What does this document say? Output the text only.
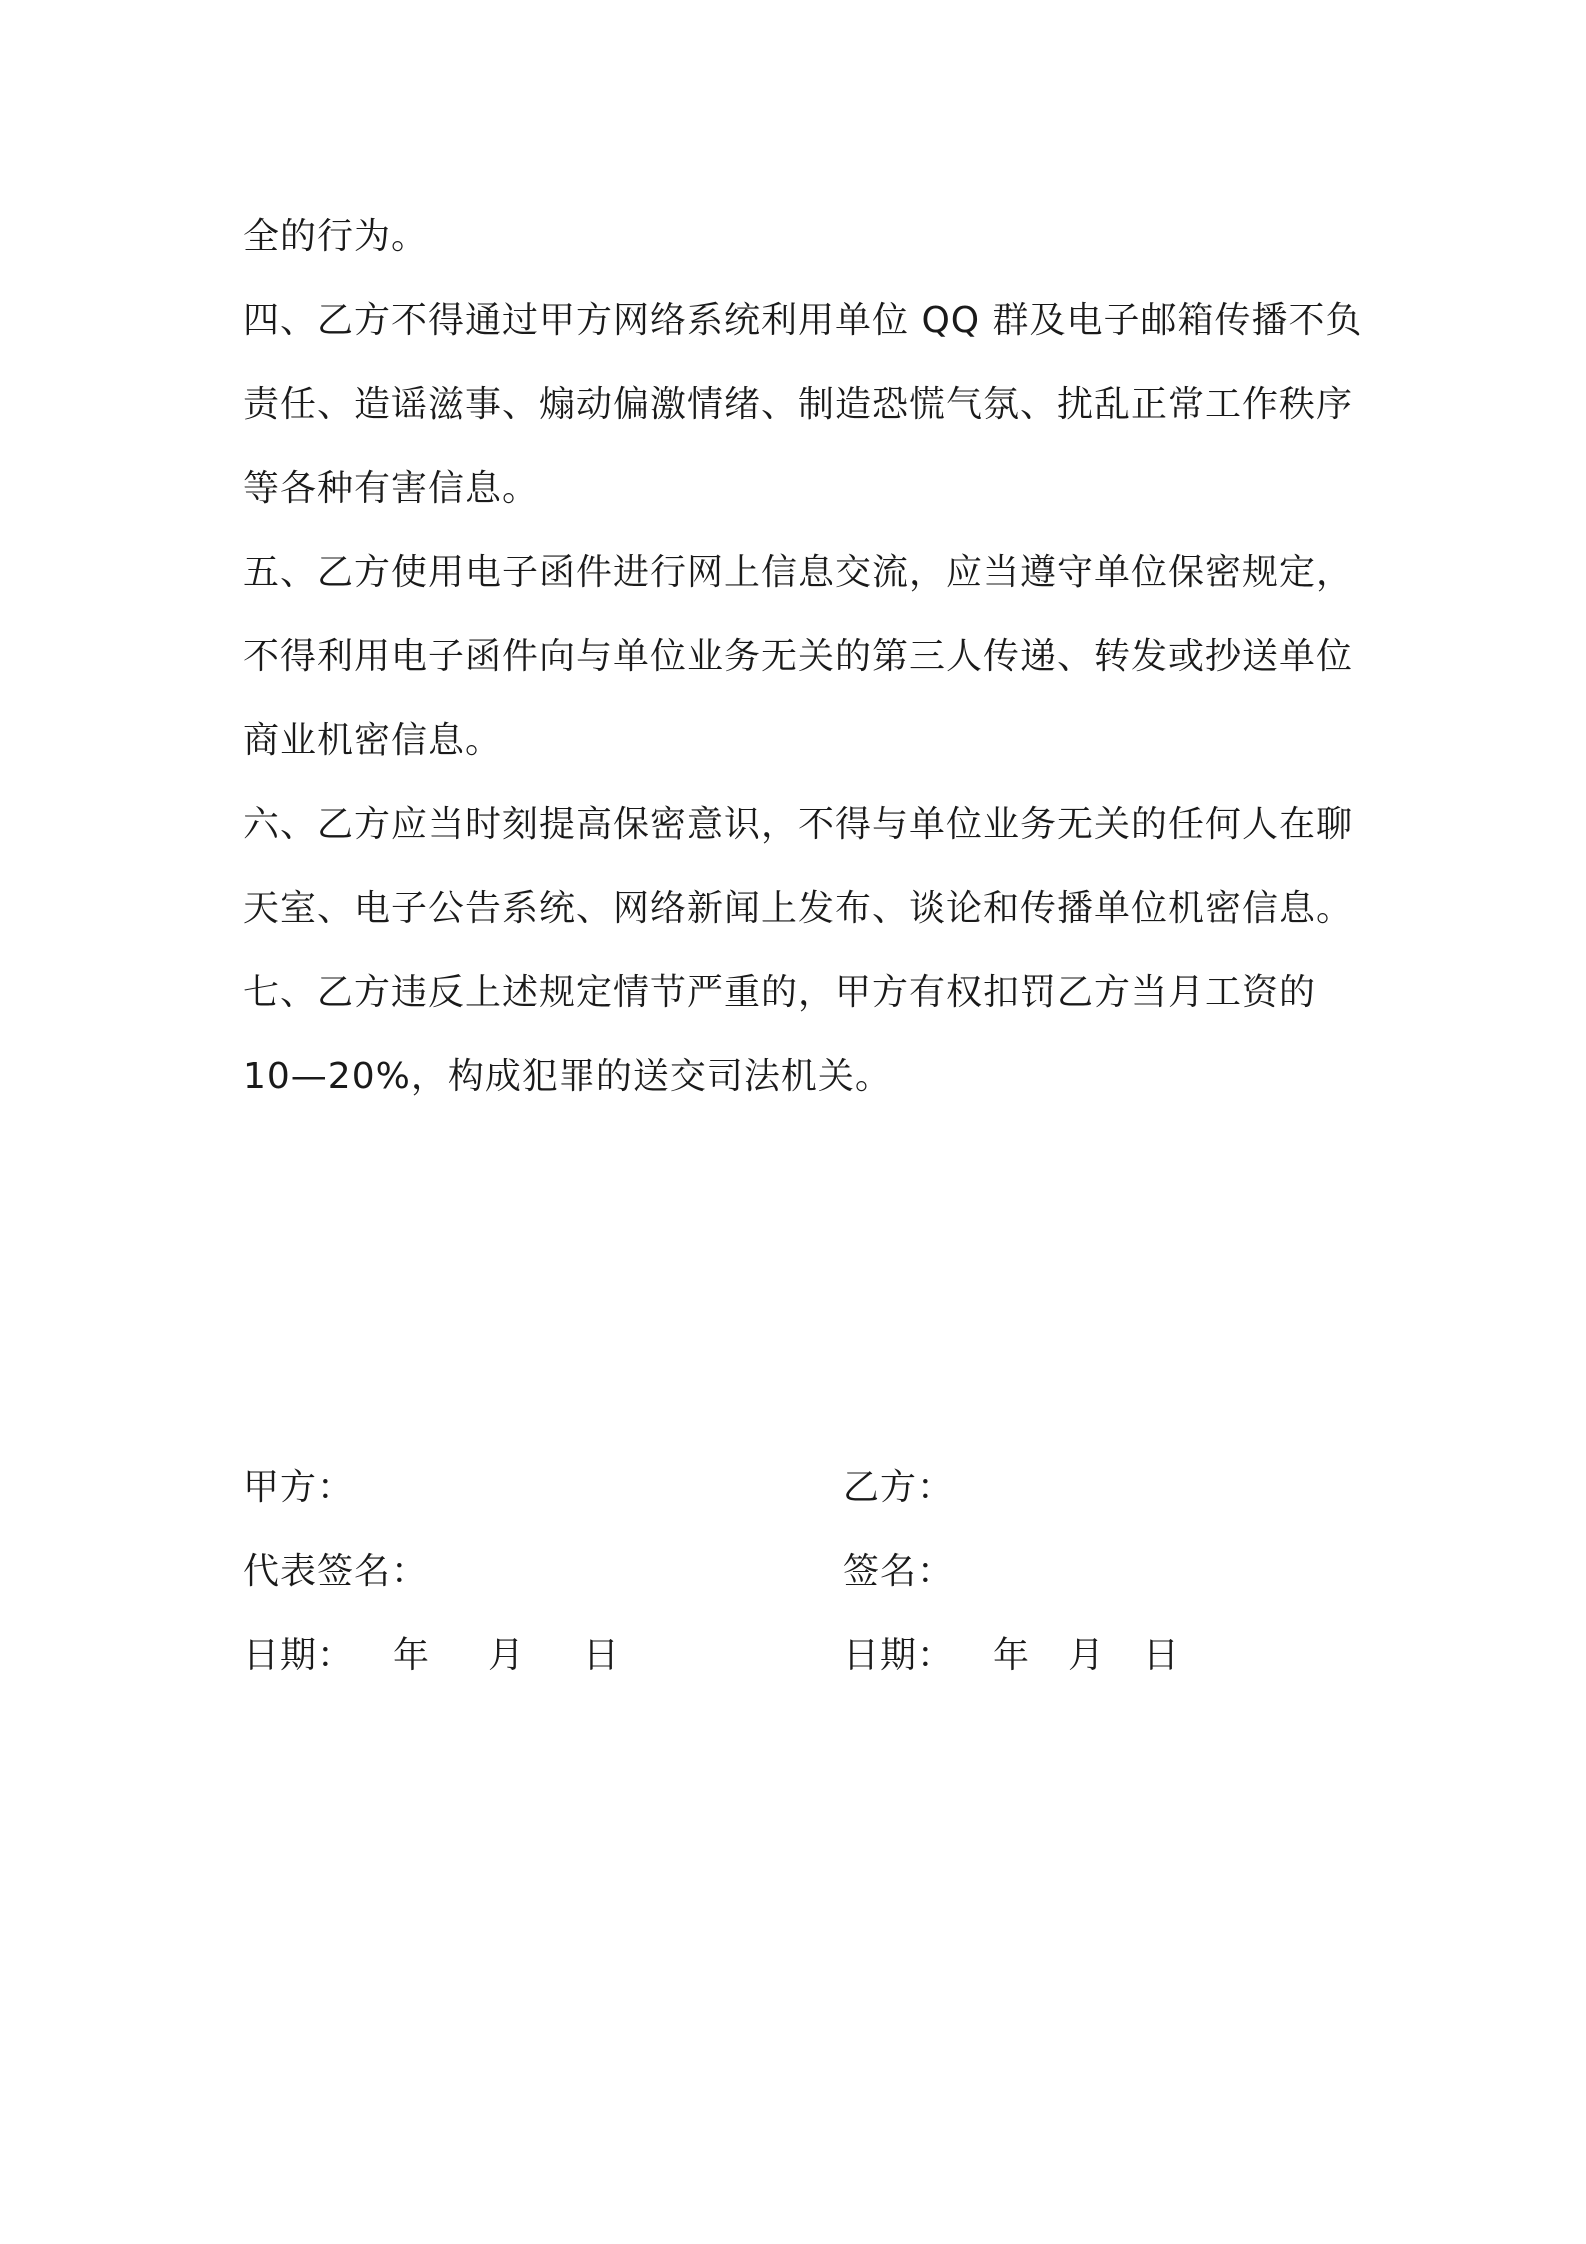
全的行为。
四、乙方不得通过甲方网络系统利用单位 QQ 群及电子邮箱传播不负
责任、造谣滋事、煽动偏激情绪、制造恐慌气氛、扰乱正常工作秩序
等各种有害信息。
五、乙方使用电子函件进行网上信息交流，应当遵守单位保密规定，
不得利用电子函件向与单位业务无关的第三人传递、转发或抄送单位
商业机密信息。
六、乙方应当时刻提高保密意识，不得与单位业务无关的任何人在聊
天室、电子公告系统、网络新闻上发布、谈论和传播单位机密信息。
七、乙方违反上述规定情节严重的，甲方有权扣罚乙方当月工资的
10—20%，构成犯罪的送交司法机关。
甲方：
代表签名：
日期： 年 月 日
乙方：
签名：
日期： 年 月 日
